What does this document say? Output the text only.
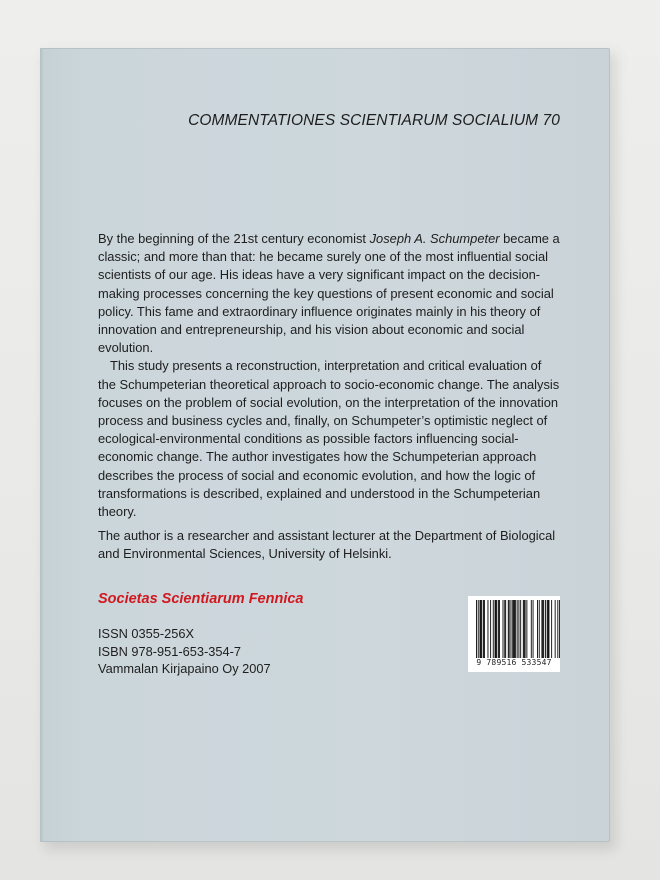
COMMENTATIONES SCIENTIARUM SOCIALIUM 70

By the beginning of the 21st century economist Joseph A. Schumpeter became a classic; and more than that: he became surely one of the most influential social scientists of our age. His ideas have a very significant impact on the decision-making processes concerning the key questions of present economic and social policy. This fame and extraordinary influence originates mainly in his theory of innovation and entrepreneurship, and his vision about economic and social evolution.

This study presents a reconstruction, interpretation and critical evaluation of the Schumpeterian theoretical approach to socio-economic change. The analysis focuses on the problem of social evolution, on the interpretation of the innovation process and business cycles and, finally, on Schumpeter’s optimistic neglect of ecological-environmental conditions as possible factors influencing social-economic change. The author investigates how the Schumpeterian approach describes the process of social and economic evolution, and how the logic of transformations is described, explained and understood in the Schumpeterian theory.

The author is a researcher and assistant lecturer at the Department of Biological and Environmental Sciences, University of Helsinki.

Societas Scientiarum Fennica
ISSN 0355-256X
ISBN 978-951-653-354-7
Vammalan Kirjapaino Oy 2007	9 789516 533547
